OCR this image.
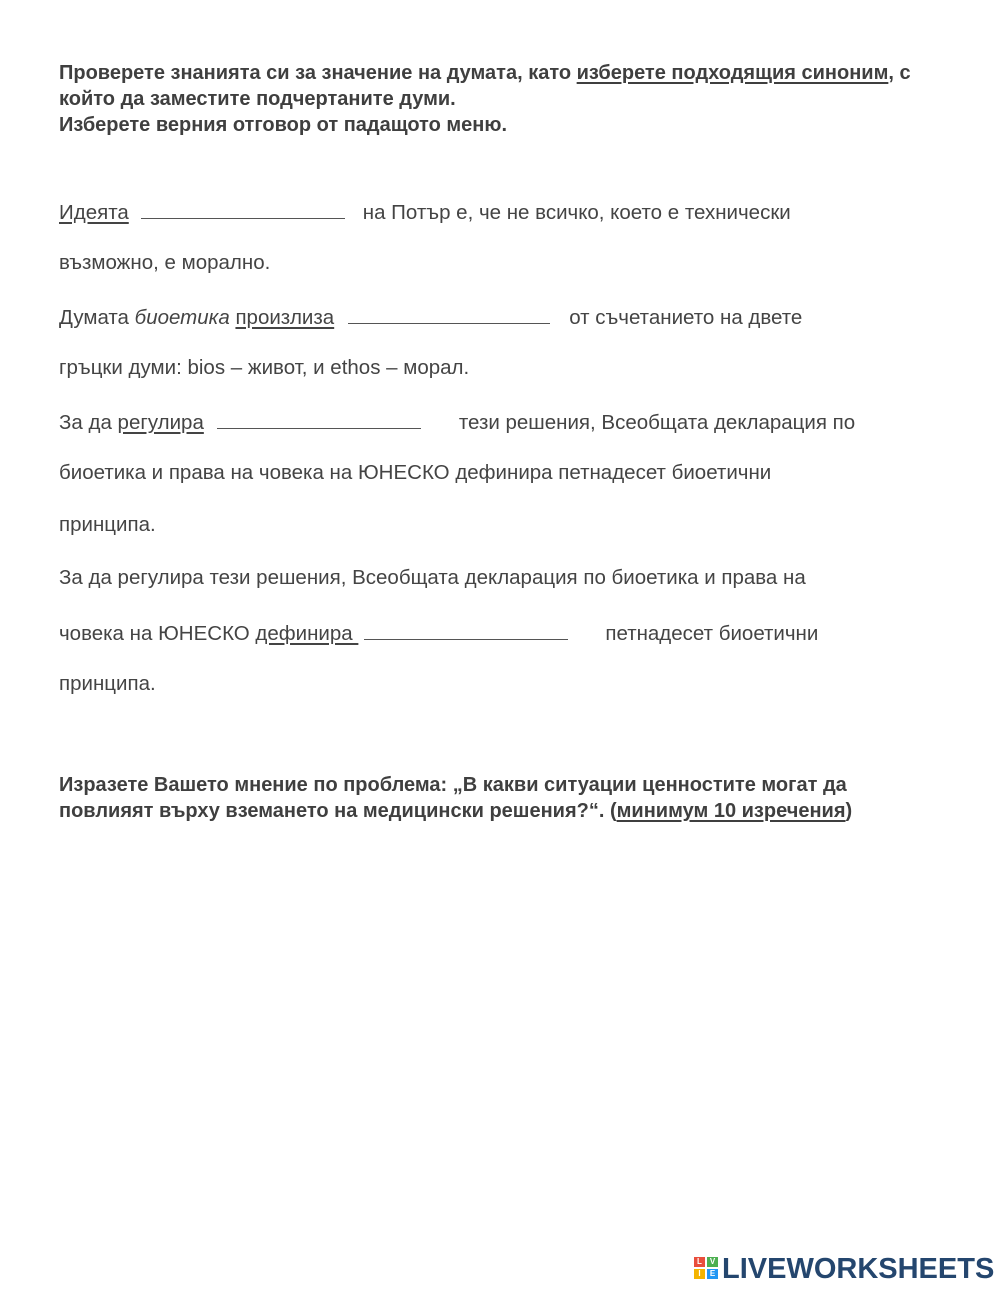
Проверете знанията си за значение на думата, като изберете подходящия синоним, с който да заместите подчертаните думи.
Изберете верния отговор от падащото меню.
Идеята	на Потър е, че не всичко, което е технически
възможно, е морално.
Думата биоетика произлиза	от съчетанието на двете
гръцки думи: bios – живот, и ethos – морал.
За да регулира	тези решения, Всеобщата декларация по
биоетика и права на човека на ЮНЕСКО дефинира петнадесет биоетични
принципа.
За да регулира тези решения, Всеобщата декларация по биоетика и права на
човека на ЮНЕСКО дефинира	петнадесет биоетични
принципа.
Изразете Вашето мнение по проблема: „В какви ситуации ценностите могат да повлияят върху вземането на медицински решения?“. (минимум 10 изречения)
L
I
V
E LIVEWORKSHEETS
